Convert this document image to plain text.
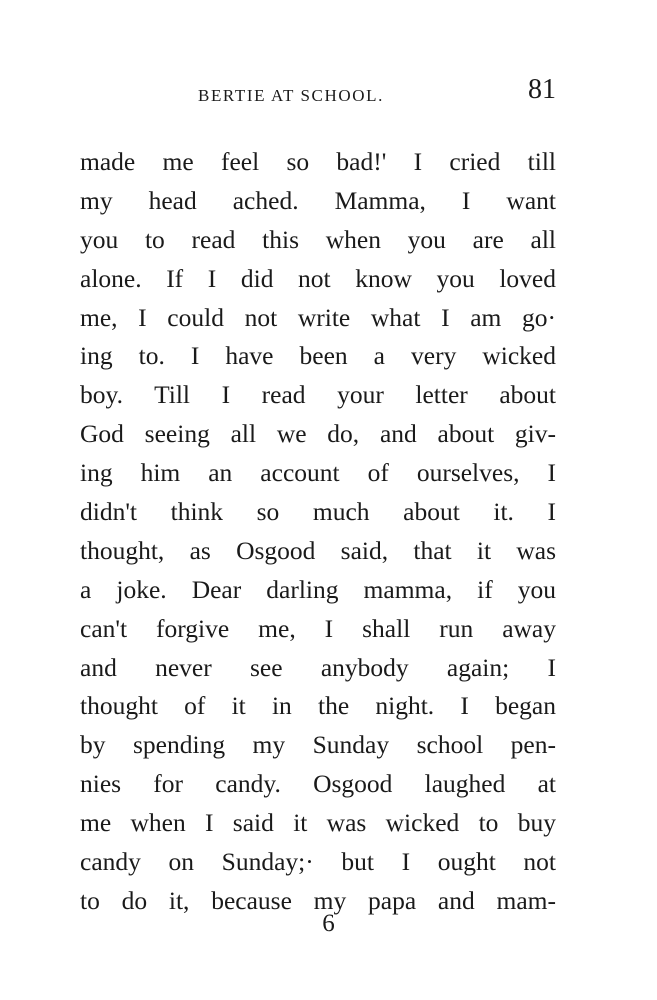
BERTIE AT SCHOOL.	81
made me feel so bad!' I cried till
my head ached. Mamma, I want
you to read this when you are all
alone. If I did not know you loved
me, I could not write what I am go·
ing to. I have been a very wicked
boy. Till I read your letter about
God seeing all we do, and about giv-
ing him an account of ourselves, I
didn't think so much about it. I
thought, as Osgood said, that it was
a joke. Dear darling mamma, if you
can't forgive me, I shall run away
and never see anybody again; I
thought of it in the night. I began
by spending my Sunday school pen-
nies for candy. Osgood laughed at
me when I said it was wicked to buy
candy on Sunday;· but I ought not
to do it, because my papa and mam-
6
